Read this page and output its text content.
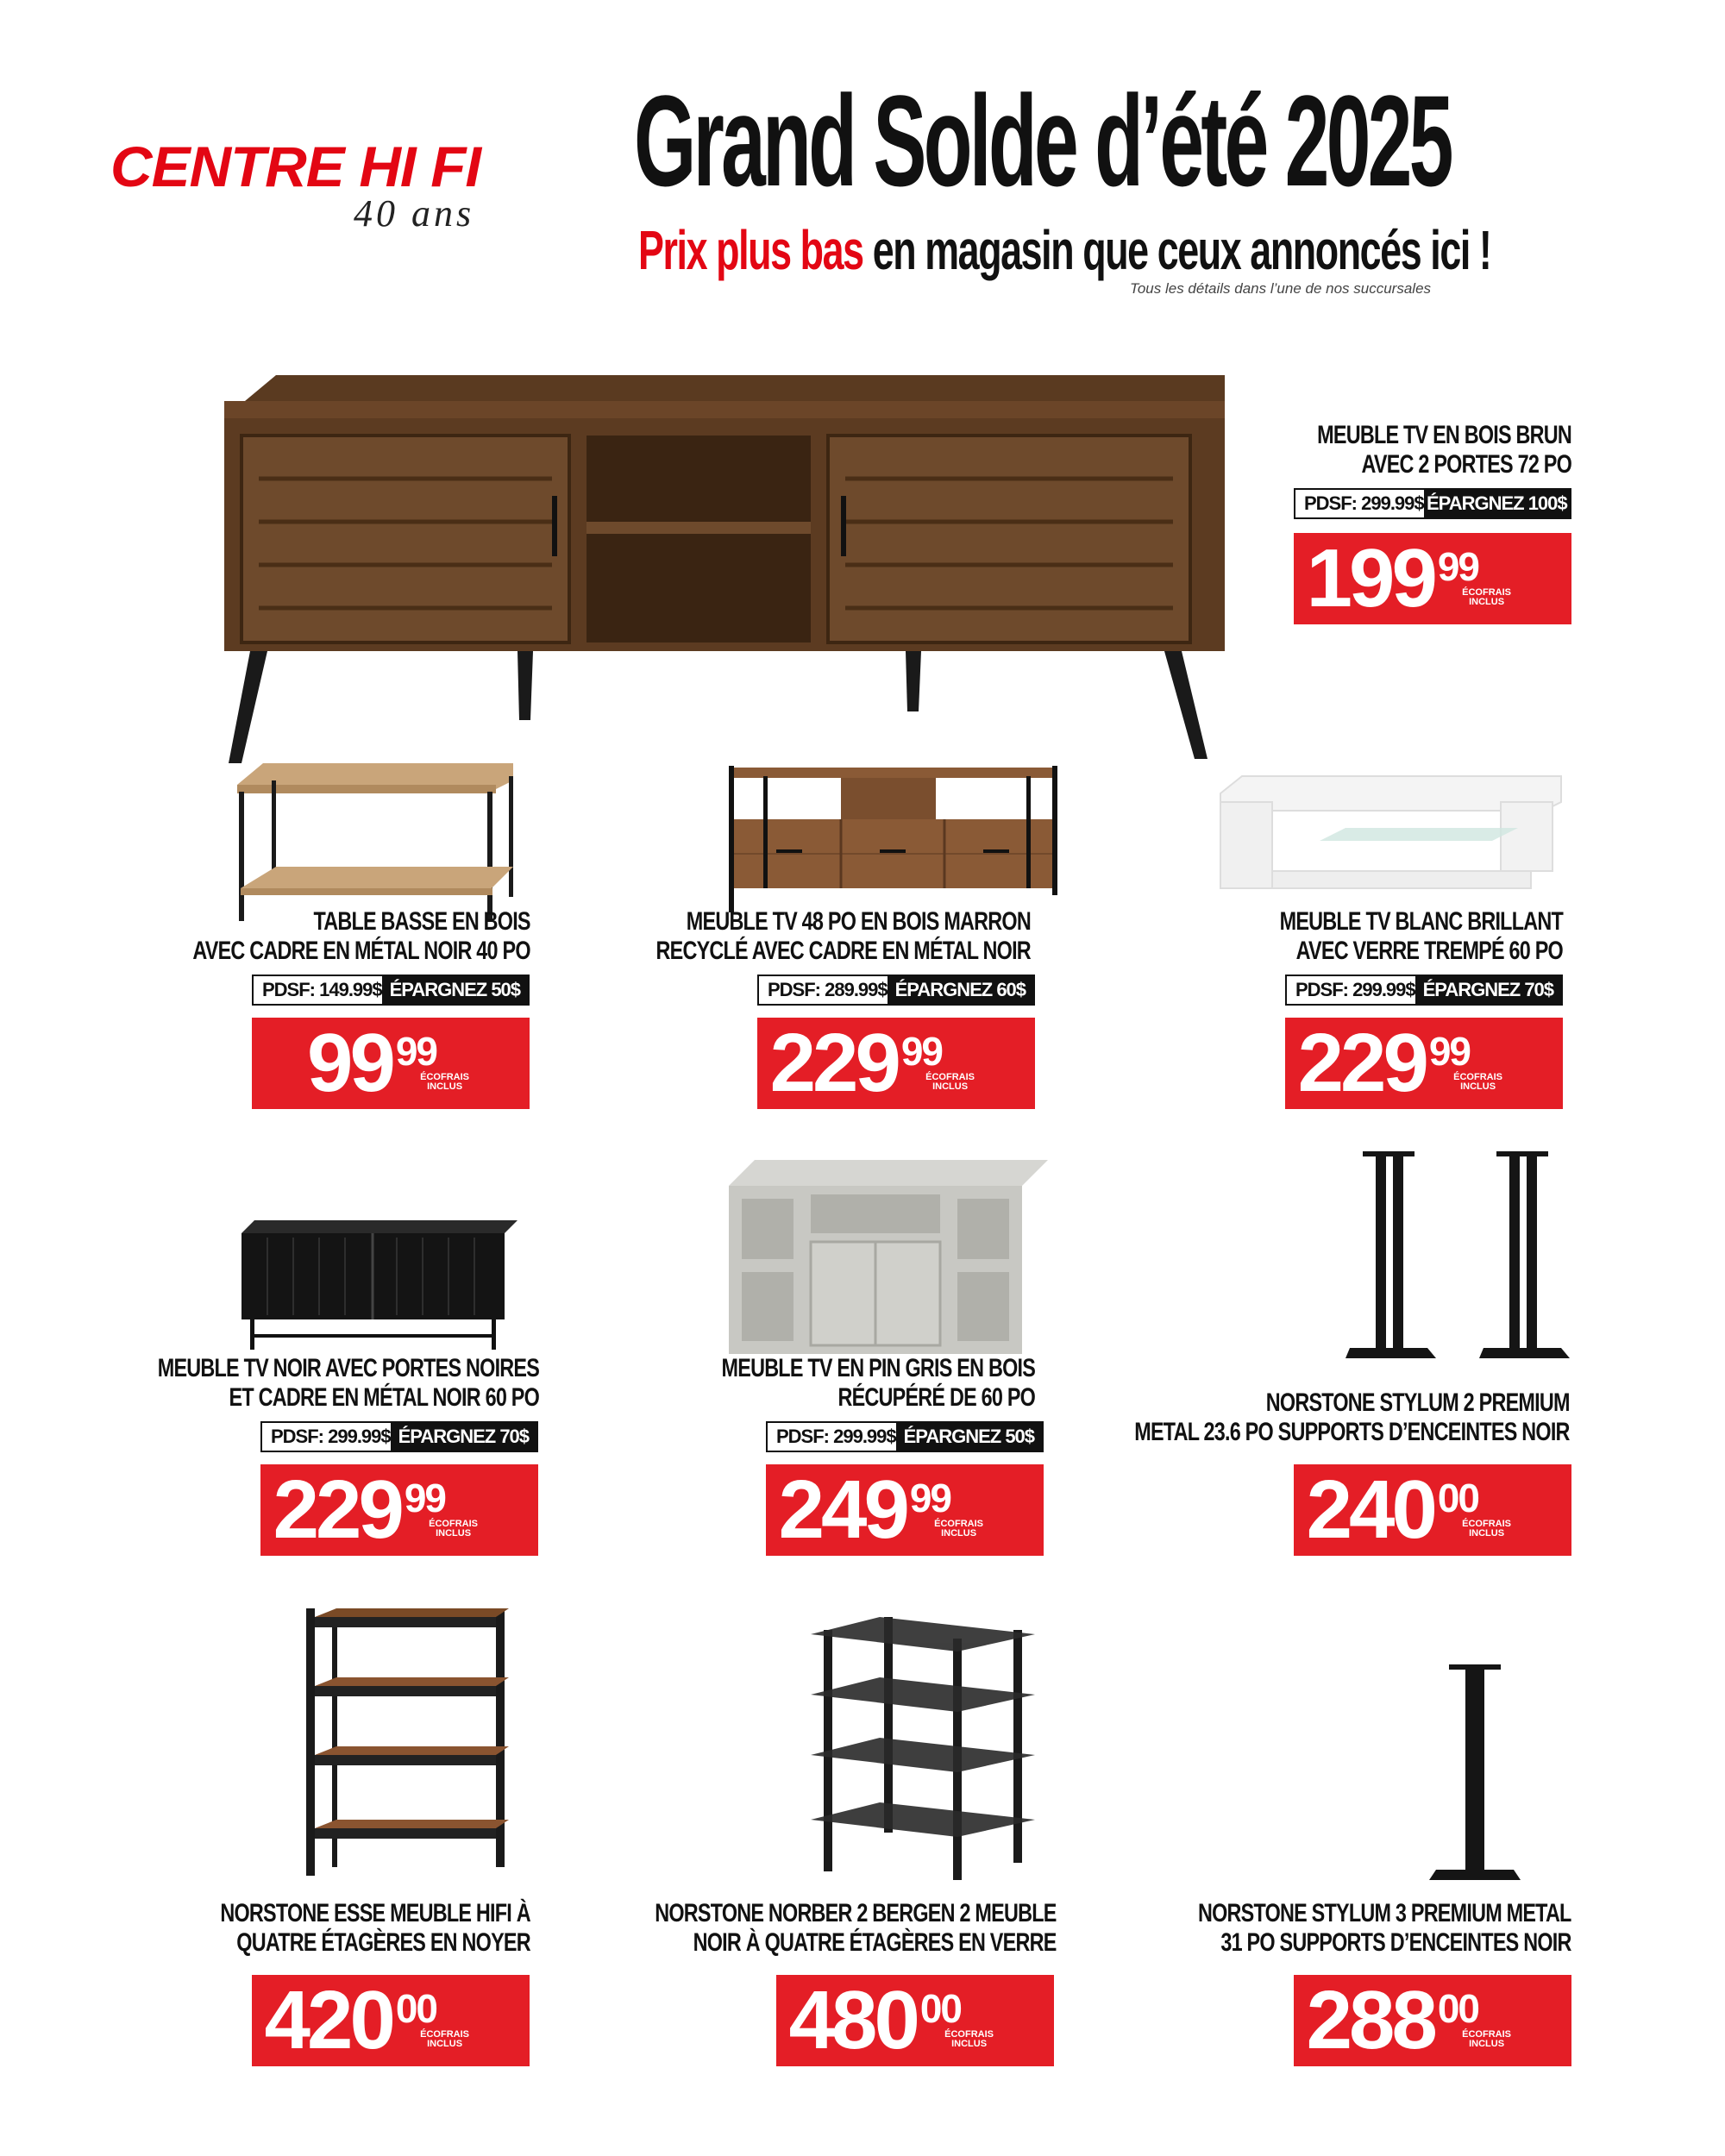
CENTRE HI FI
40 ans
Grand Solde d’été 2025
Prix plus bas en magasin que ceux annoncés ici !
Tous les détails dans l’une de nos succursales
MEUBLE TV EN BOIS BRUN
AVEC 2 PORTES 72 PO
PDSF: 299.99$ ÉPARGNEZ 100$
199 99
ÉCOFRAIS
INCLUS
TABLE BASSE EN BOIS
AVEC CADRE EN MÉTAL NOIR 40 PO
PDSF: 149.99$ ÉPARGNEZ 50$
99 99
ÉCOFRAIS
INCLUS
MEUBLE TV 48 PO EN BOIS MARRON
RECYCLÉ AVEC CADRE EN MÉTAL NOIR
PDSF: 289.99$ ÉPARGNEZ 60$
229 99
ÉCOFRAIS
INCLUS
MEUBLE TV BLANC BRILLANT
AVEC VERRE TREMPÉ 60 PO
PDSF: 299.99$ ÉPARGNEZ 70$
229 99
ÉCOFRAIS
INCLUS
MEUBLE TV NOIR AVEC PORTES NOIRES
ET CADRE EN MÉTAL NOIR 60 PO
PDSF: 299.99$ ÉPARGNEZ 70$
229 99
ÉCOFRAIS
INCLUS
MEUBLE TV EN PIN GRIS EN BOIS
RÉCUPÉRÉ DE 60 PO
PDSF: 299.99$ ÉPARGNEZ 50$
249 99
ÉCOFRAIS
INCLUS
NORSTONE STYLUM 2 PREMIUM
METAL 23.6 PO SUPPORTS D’ENCEINTES NOIR
240 00
ÉCOFRAIS
INCLUS
NORSTONE ESSE MEUBLE HIFI À
QUATRE ÉTAGÈRES EN NOYER
420 00
ÉCOFRAIS
INCLUS
NORSTONE NORBER 2 BERGEN 2 MEUBLE
NOIR À QUATRE ÉTAGÈRES EN VERRE
480 00
ÉCOFRAIS
INCLUS
NORSTONE STYLUM 3 PREMIUM METAL
31 PO SUPPORTS D’ENCEINTES NOIR
288 00
ÉCOFRAIS
INCLUS
